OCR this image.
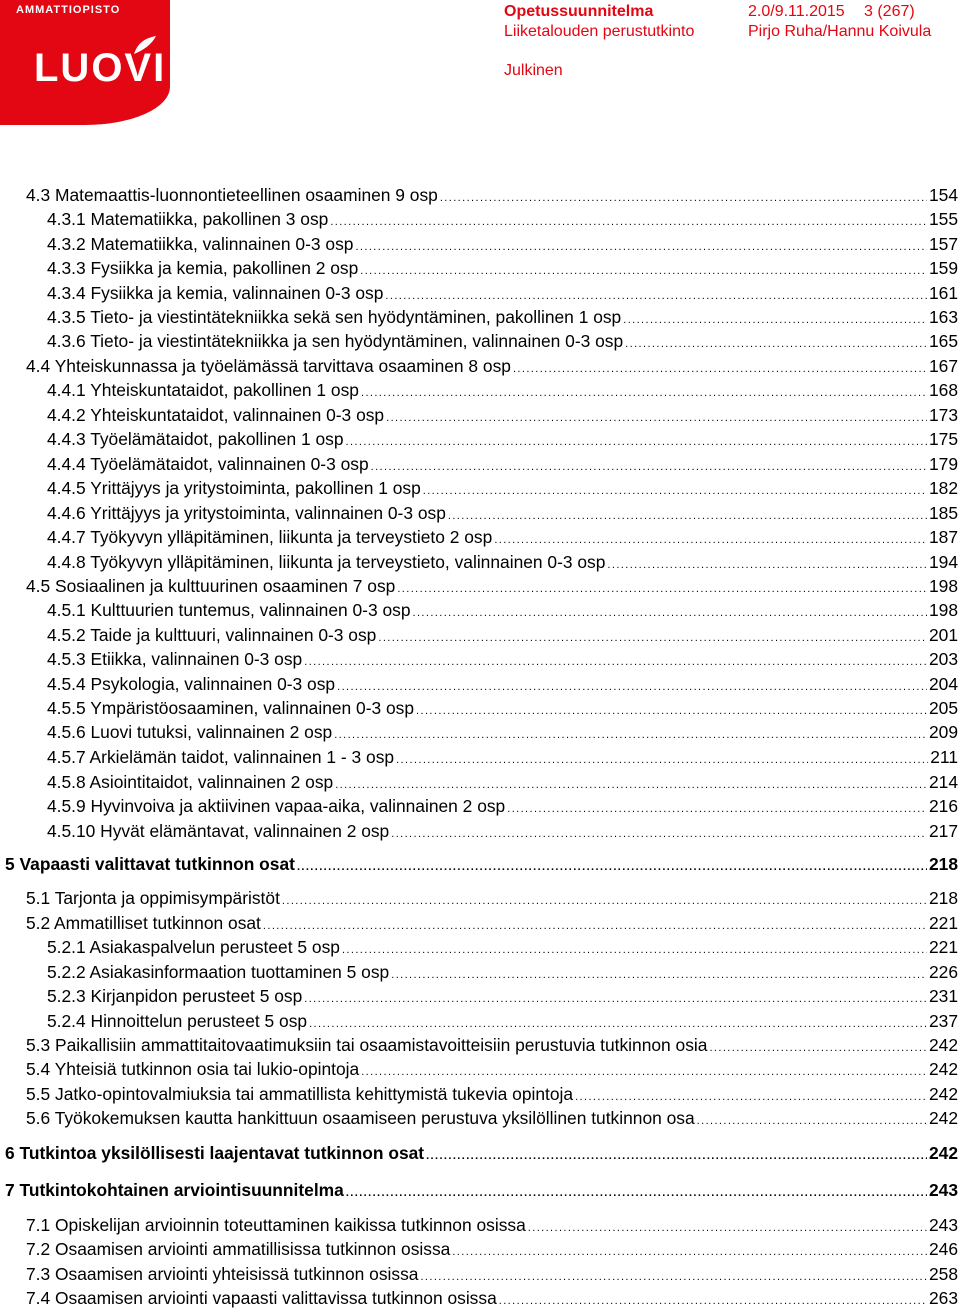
AMMATTIOPISTO
LUOVI
Opetussuunnitelma
Liiketalouden perustutkinto
Julkinen
2.0/9.11.2015 3 (267)
Pirjo Ruha/Hannu Koivula
4.3 Matemaattis-luonnontieteellinen osaaminen 9 osp .....	154
4.3.1 Matematiikka, pakollinen 3 osp .....	155
4.3.2 Matematiikka, valinnainen 0-3 osp .....	157
4.3.3 Fysiikka ja kemia, pakollinen 2 osp .....	159
4.3.4 Fysiikka ja kemia, valinnainen 0-3 osp .....	161
4.3.5 Tieto- ja viestintätekniikka sekä sen hyödyntäminen, pakollinen 1 osp .....	163
4.3.6 Tieto- ja viestintätekniikka ja sen hyödyntäminen, valinnainen 0-3 osp .....	165
4.4 Yhteiskunnassa ja työelämässä tarvittava osaaminen 8 osp .....	167
4.4.1 Yhteiskuntataidot, pakollinen 1 osp .....	168
4.4.2 Yhteiskuntataidot, valinnainen 0-3 osp .....	173
4.4.3 Työelämätaidot, pakollinen 1 osp .....	175
4.4.4 Työelämätaidot, valinnainen 0-3 osp .....	179
4.4.5 Yrittäjyys ja yritystoiminta, pakollinen 1 osp .....	182
4.4.6 Yrittäjyys ja yritystoiminta, valinnainen 0-3 osp .....	185
4.4.7 Työkyvyn ylläpitäminen, liikunta ja terveystieto 2 osp .....	187
4.4.8 Työkyvyn ylläpitäminen, liikunta ja terveystieto, valinnainen 0-3 osp .....	194
4.5 Sosiaalinen ja kulttuurinen osaaminen 7 osp .....	198
4.5.1 Kulttuurien tuntemus, valinnainen 0-3 osp .....	198
4.5.2 Taide ja kulttuuri, valinnainen 0-3 osp .....	201
4.5.3 Etiikka, valinnainen 0-3 osp .....	203
4.5.4 Psykologia, valinnainen 0-3 osp .....	204
4.5.5 Ympäristöosaaminen, valinnainen 0-3 osp .....	205
4.5.6 Luovi tutuksi, valinnainen 2 osp .....	209
4.5.7 Arkielämän taidot, valinnainen 1 - 3 osp .....	211
4.5.8 Asiointitaidot, valinnainen 2 osp .....	214
4.5.9 Hyvinvoiva ja aktiivinen vapaa-aika, valinnainen 2 osp .....	216
4.5.10 Hyvät elämäntavat, valinnainen 2 osp .....	217
5 Vapaasti valittavat tutkinnon osat .....	218
5.1 Tarjonta ja oppimisympäristöt .....	218
5.2 Ammatilliset tutkinnon osat .....	221
5.2.1 Asiakaspalvelun perusteet 5 osp .....	221
5.2.2 Asiakasinformaation tuottaminen 5 osp .....	226
5.2.3 Kirjanpidon perusteet 5 osp .....	231
5.2.4 Hinnoittelun perusteet 5 osp .....	237
5.3 Paikallisiin ammattitaitovaatimuksiin tai osaamistavoitteisiin perustuvia tutkinnon osia .....	242
5.4 Yhteisiä tutkinnon osia tai lukio-opintoja .....	242
5.5 Jatko-opintovalmiuksia tai ammatillista kehittymistä tukevia opintoja .....	242
5.6 Työkokemuksen kautta hankittuun osaamiseen perustuva yksilöllinen tutkinnon osa .....	242
6 Tutkintoa yksilöllisesti laajentavat tutkinnon osat .....	242
7 Tutkintokohtainen arviointisuunnitelma .....	243
7.1 Opiskelijan arvioinnin toteuttaminen kaikissa tutkinnon osissa .....	243
7.2 Osaamisen arviointi ammatillisissa tutkinnon osissa .....	246
7.3 Osaamisen arviointi yhteisissä tutkinnon osissa .....	258
7.4 Osaamisen arviointi vapaasti valittavissa tutkinnon osissa .....	263
